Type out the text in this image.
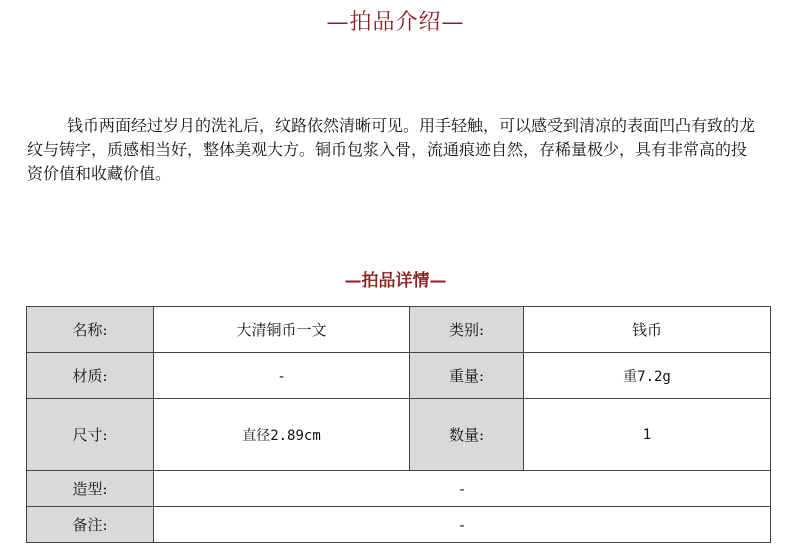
—拍品介绍—

钱币两面经过岁月的洗礼后，纹路依然清晰可见。用手轻触，可以感受到清凉的表面凹凸有致的龙纹与铸字，质感相当好，整体美观大方。铜币包浆入骨，流通痕迹自然，存稀量极少，具有非常高的投资价值和收藏价值。

—拍品详情—
名称:	大清铜币一文	类别:	钱币
材质:	-	重量:	重7.2g
尺寸:	直径2.89cm	数量:	1
造型:	-		
备注:	-		
